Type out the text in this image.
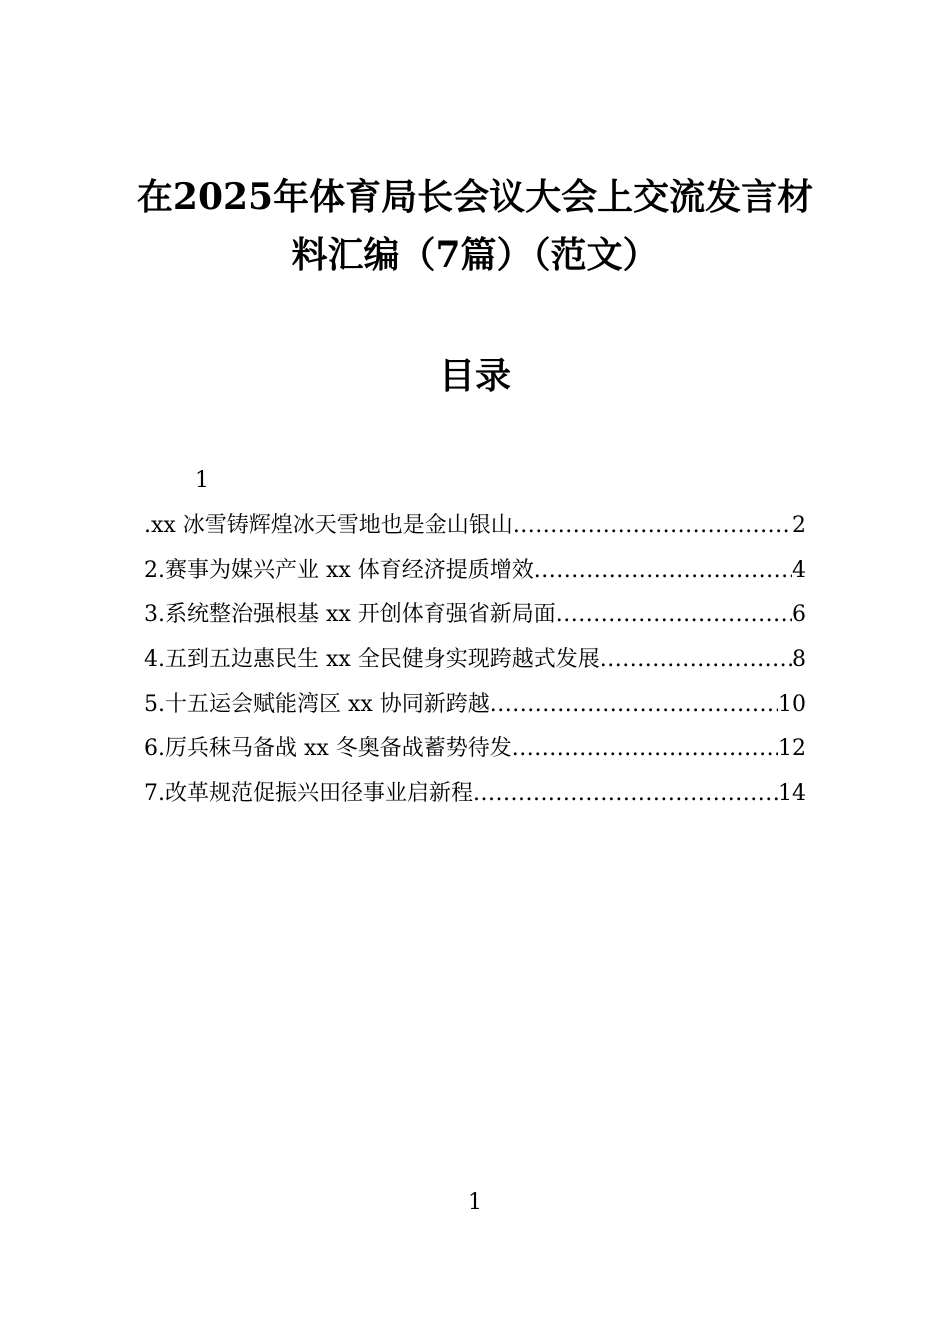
在2025年体育局长会议大会上交流发言材
料汇编（7篇）（范文）
目录
1
.xx 冰雪铸辉煌冰天雪地也是金山银山 .....	2
2.赛事为媒兴产业 xx 体育经济提质增效 .....	4
3.系统整治强根基 xx 开创体育强省新局面 .....	6
4.五到五边惠民生 xx 全民健身实现跨越式发展 .....	8
5.十五运会赋能湾区 xx 协同新跨越 .....	10
6.厉兵秣马备战 xx 冬奥备战蓄势待发 .....	12
7.改革规范促振兴田径事业启新程 .....	14
1
